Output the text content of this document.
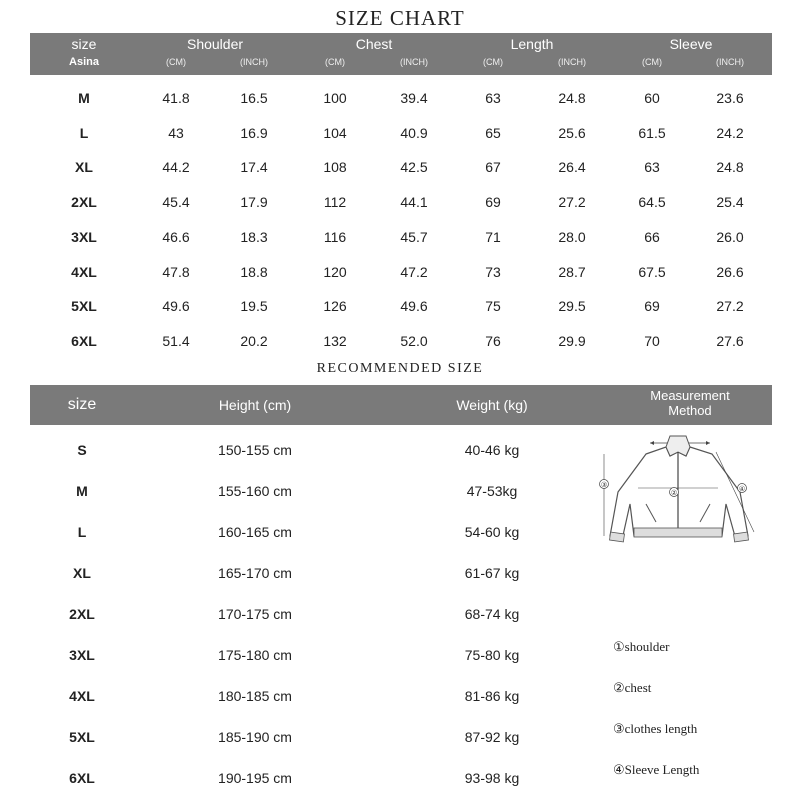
SIZE CHART
size
Asina
Shoulder	Chest	Length	Sleeve
(CM)	(INCH)	(CM)	(INCH)	(CM)	(INCH)	(CM)	(INCH)
M	41.8	16.5	100	39.4	63	24.8	60	23.6
L	43	16.9	104	40.9	65	25.6	61.5	24.2
XL	44.2	17.4	108	42.5	67	26.4	63	24.8
2XL	45.4	17.9	112	44.1	69	27.2	64.5	25.4
3XL	46.6	18.3	116	45.7	71	28.0	66	26.0
4XL	47.8	18.8	120	47.2	73	28.7	67.5	26.6
5XL	49.6	19.5	126	49.6	75	29.5	69	27.2
6XL	51.4	20.2	132	52.0	76	29.9	70	27.6
RECOMMENDED SIZE
size	Height (cm)	Weight (kg)
Measurement
Method
S	150-155 cm	40-46 kg
M	155-160 cm	47-53kg
L	160-165 cm	54-60 kg
XL	165-170 cm	61-67 kg
2XL	170-175 cm	68-74 kg
3XL	175-180 cm	75-80 kg
4XL	180-185 cm	81-86 kg
5XL	185-190 cm	87-92 kg
6XL	190-195 cm	93-98 kg
②
③	④
①shoulder
②chest
③clothes length
④Sleeve Length
